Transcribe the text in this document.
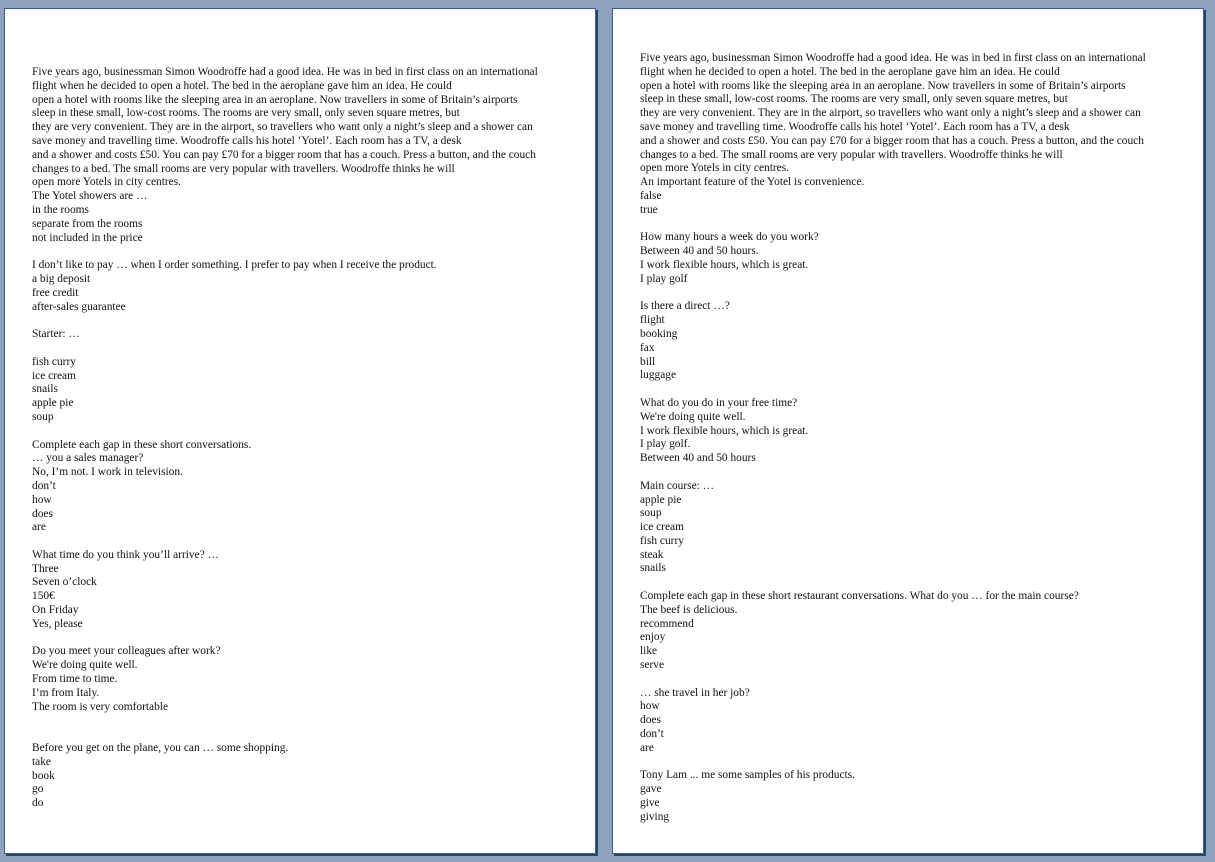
Five years ago, businessman Simon Woodroffe had a good idea. He was in bed in first class on an international
flight when he decided to open a hotel. The bed in the aeroplane gave him an idea. He could
open a hotel with rooms like the sleeping area in an aeroplane. Now travellers in some of Britain’s airports
sleep in these small, low-cost rooms. The rooms are very small, only seven square metres, but
they are very convenient. They are in the airport, so travellers who want only a night’s sleep and a shower can
save money and travelling time. Woodroffe calls his hotel ‘Yotel’. Each room has a TV, a desk
and a shower and costs £50. You can pay £70 for a bigger room that has a couch. Press a button, and the couch
changes to a bed. The small rooms are very popular with travellers. Woodroffe thinks he will
open more Yotels in city centres.
The Yotel showers are …
in the rooms
separate from the rooms
not included in the price
I don’t like to pay … when I order something. I prefer to pay when I receive the product.
a big deposit
free credit
after-sales guarantee
Starter: …
fish curry
ice cream
snails
apple pie
soup
Complete each gap in these short conversations.
… you a sales manager?
No, I’m not. I work in television.
don’t
how
does
are
What time do you think you’ll arrive? …
Three
Seven o’clock
150€
On Friday
Yes, please
Do you meet your colleagues after work?
We're doing quite well.
From time to time.
I’m from Italy.
The room is very comfortable
Before you get on the plane, you can … some shopping.
take
book
go
do
Five years ago, businessman Simon Woodroffe had a good idea. He was in bed in first class on an international
flight when he decided to open a hotel. The bed in the aeroplane gave him an idea. He could
open a hotel with rooms like the sleeping area in an aeroplane. Now travellers in some of Britain’s airports
sleep in these small, low-cost rooms. The rooms are very small, only seven square metres, but
they are very convenient. They are in the airport, so travellers who want only a night’s sleep and a shower can
save money and travelling time. Woodroffe calls his hotel ‘Yotel’. Each room has a TV, a desk
and a shower and costs £50. You can pay £70 for a bigger room that has a couch. Press a button, and the couch
changes to a bed. The small rooms are very popular with travellers. Woodroffe thinks he will
open more Yotels in city centres.
An important feature of the Yotel is convenience.
false
true
How many hours a week do you work?
Between 40 and 50 hours.
I work flexible hours, which is great.
I play golf
Is there a direct …?
flight
booking
fax
bill
luggage
What do you do in your free time?
We're doing quite well.
I work flexible hours, which is great.
I play golf.
Between 40 and 50 hours
Main course: …
apple pie
soup
ice cream
fish curry
steak
snails
Complete each gap in these short restaurant conversations. What do you … for the main course?
The beef is delicious.
recommend
enjoy
like
serve
… she travel in her job?
how
does
don’t
are
Tony Lam ... me some samples of his products.
gave
give
giving
